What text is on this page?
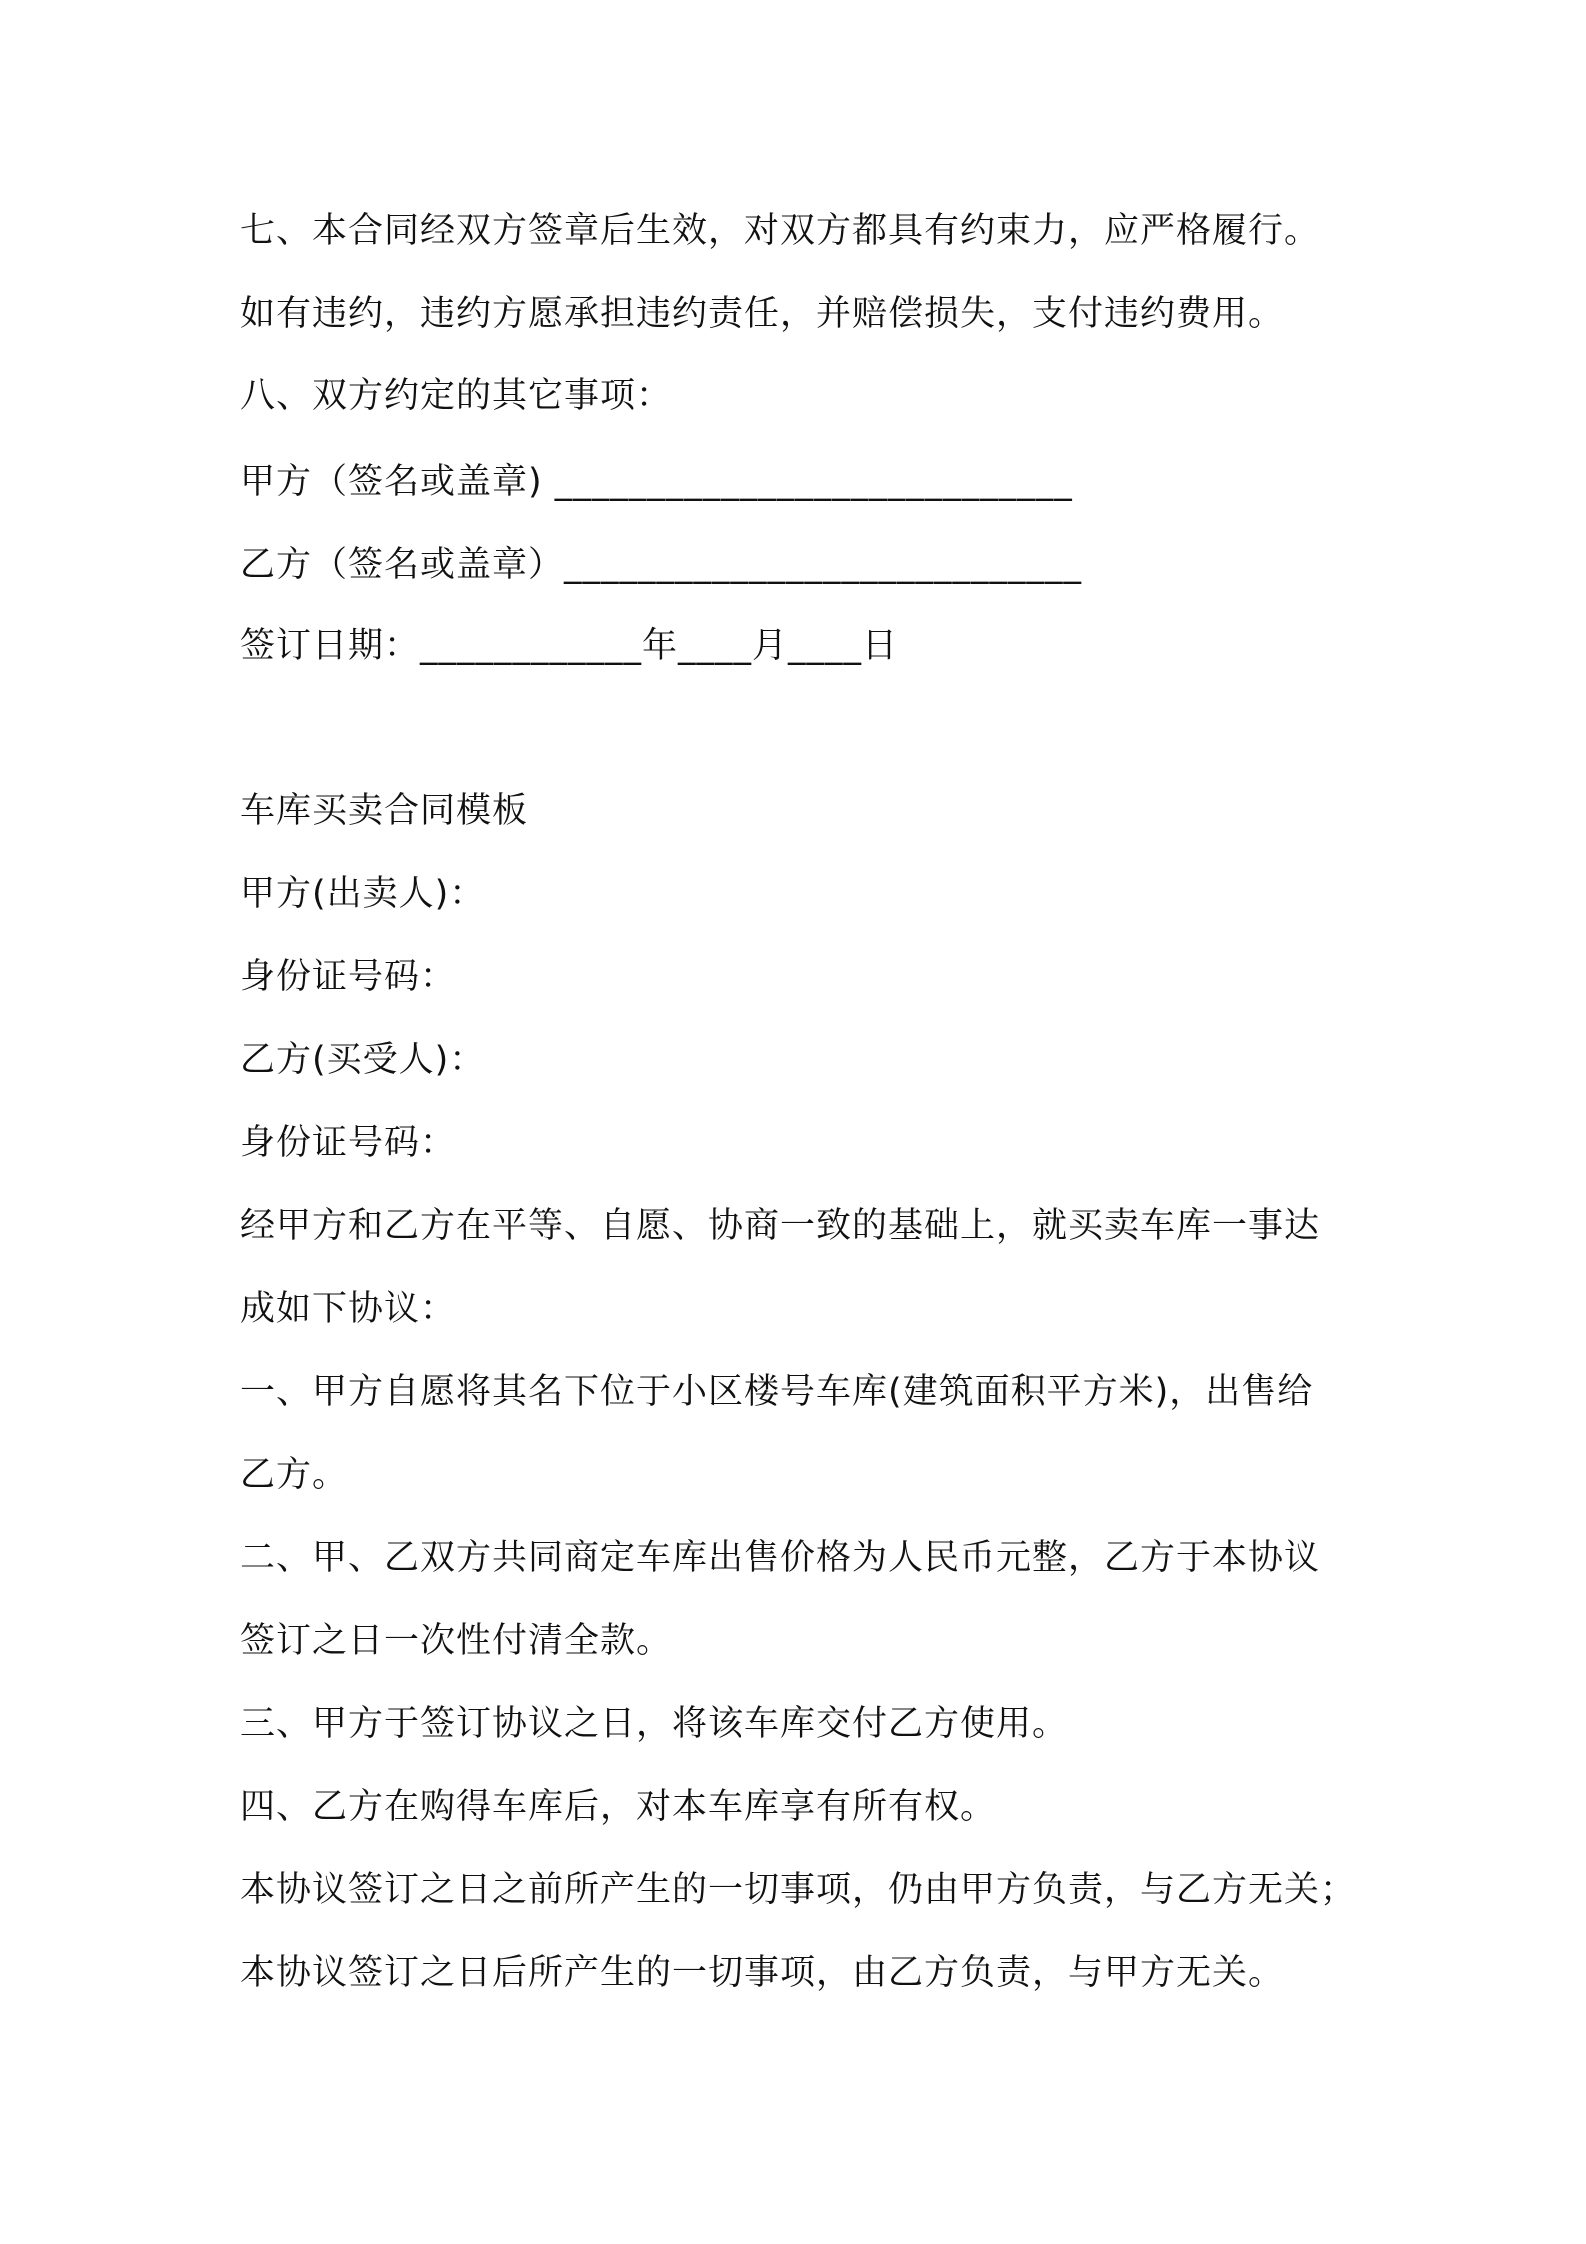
七、本合同经双方签章后生效，对双方都具有约束力，应严格履行。
如有违约，违约方愿承担违约责任，并赔偿损失，支付违约费用。
八、双方约定的其它事项：
甲方（签名或盖章) ____________________________
乙方（签名或盖章）____________________________
签订日期：____________年____月____日
车库买卖合同模板
甲方(出卖人)：
身份证号码：
乙方(买受人)：
身份证号码：
经甲方和乙方在平等、自愿、协商一致的基础上，就买卖车库一事达
成如下协议：
一、甲方自愿将其名下位于小区楼号车库(建筑面积平方米)，出售给
乙方。
二、甲、乙双方共同商定车库出售价格为人民币元整，乙方于本协议
签订之日一次性付清全款。
三、甲方于签订协议之日，将该车库交付乙方使用。
四、乙方在购得车库后，对本车库享有所有权。
本协议签订之日之前所产生的一切事项，仍由甲方负责，与乙方无关；
本协议签订之日后所产生的一切事项，由乙方负责，与甲方无关。
